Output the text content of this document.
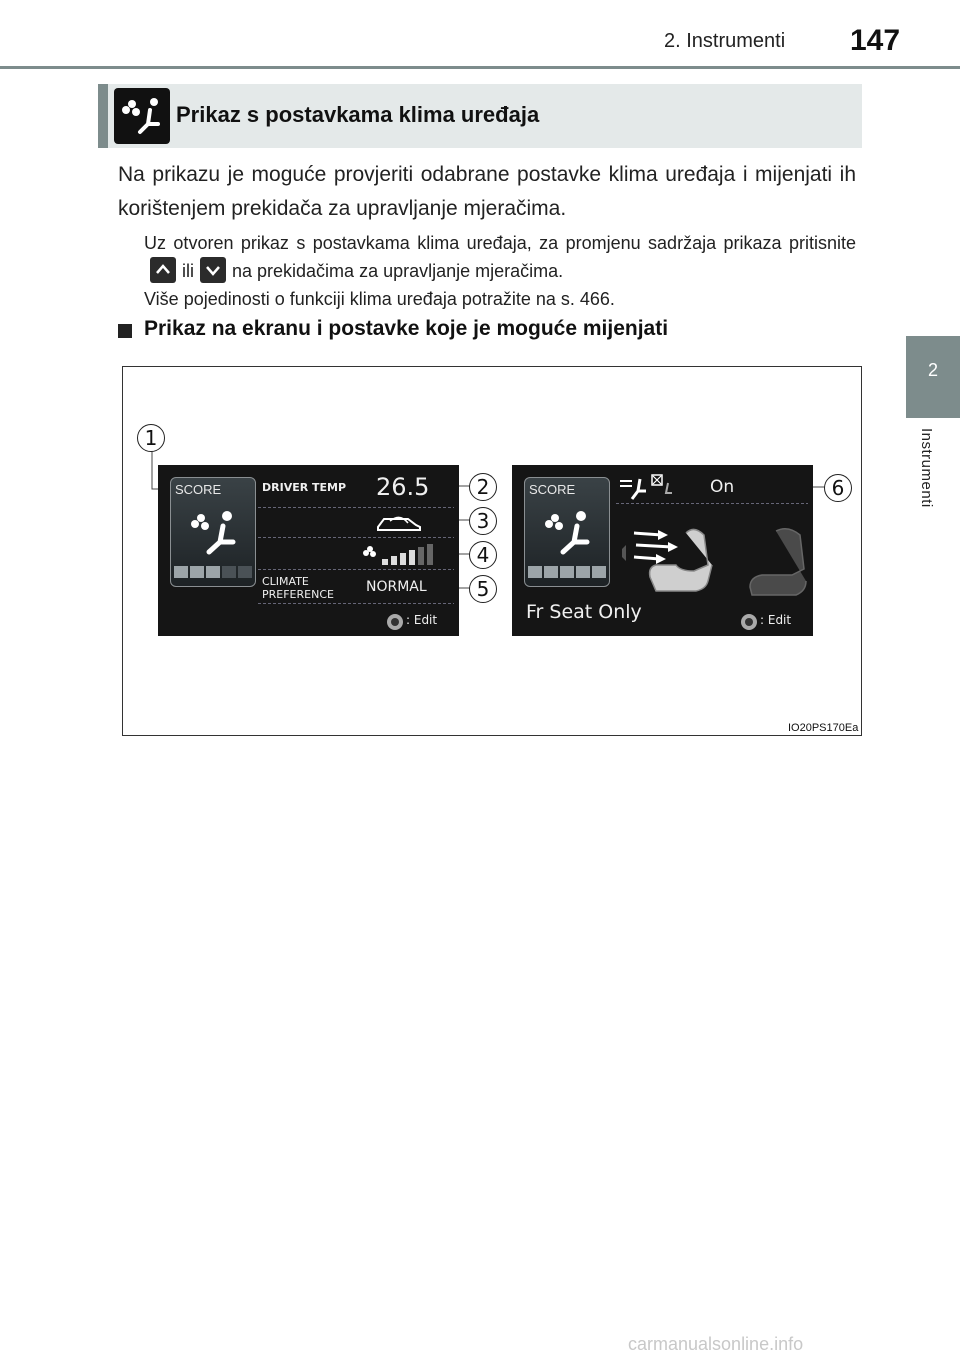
2. Instrumenti 147
2
Instrumenti
Prikaz s postavkama klima uređaja
Na prikazu je moguće provjeriti odabrane postavke klima uređaja i mijenjati ih korištenjem prekidača za upravljanje mjeračima.
Uz otvoren prikaz s postavkama klima uređaja, za promjenu sadržaja prikaza pritisnite
ili na prekidačima za upravljanje mjeračima.
Više pojedinosti o funkciji klima uređaja potražite na s. 466.
Prikaz na ekranu i postavke koje je moguće mijenjati
IO20PS170Ea
SCORE	DRIVER TEMP 26.5
CLIMATE
PREFERENCE NORMAL
: Edit
SCORE	On
Fr Seat Only	: Edit
1
2
3
4
5
6
carmanualsonline.info
